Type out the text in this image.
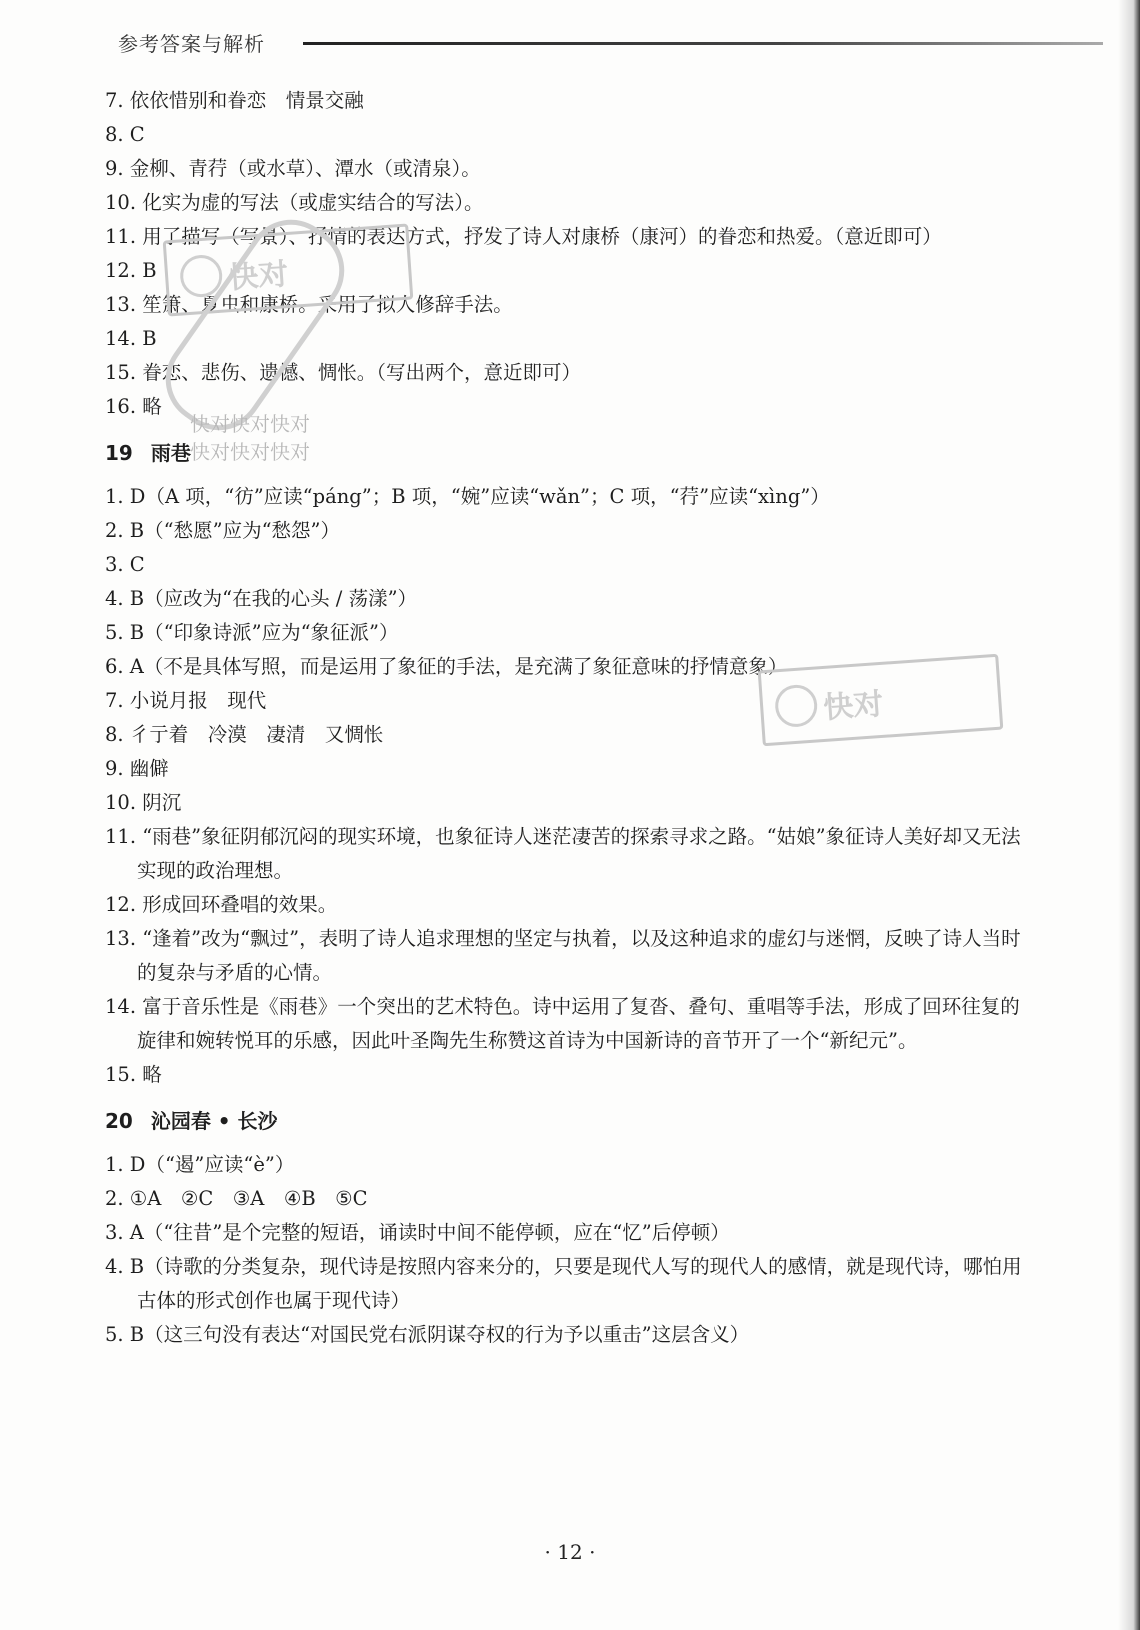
参考答案与解析
7. 依依惜别和眷恋　情景交融
8. C
9. 金柳、青荇（或水草）、潭水（或清泉）。
10. 化实为虚的写法（或虚实结合的写法）。
11. 用了描写（写景）、抒情的表达方式，抒发了诗人对康桥（康河）的眷恋和热爱。（意近即可）
12. B
13. 笙箫、夏虫和康桥。采用了拟人修辞手法。
14. B
15. 眷恋、悲伤、遗憾、惆怅。（写出两个，意近即可）
16. 略
19 雨巷
1. D（A 项，“彷”应读“páng”；B 项，“婉”应读“wǎn”；C 项，“荇”应读“xìng”）
2. B（“愁愿”应为“愁怨”）
3. C
4. B（应改为“在我的心头 / 荡漾”）
5. B（“印象诗派”应为“象征派”）
6. A（不是具体写照，而是运用了象征的手法，是充满了象征意味的抒情意象）
7. 小说月报　现代
8. 彳亍着　冷漠　凄清　又惆怅
9. 幽僻
10. 阴沉
11. “雨巷”象征阴郁沉闷的现实环境，也象征诗人迷茫凄苦的探索寻求之路。“姑娘”象征诗人美好却又无法实现的政治理想。
12. 形成回环叠唱的效果。
13. “逢着”改为“飘过”，表明了诗人追求理想的坚定与执着，以及这种追求的虚幻与迷惘，反映了诗人当时的复杂与矛盾的心情。
14. 富于音乐性是《雨巷》一个突出的艺术特色。诗中运用了复沓、叠句、重唱等手法，形成了回环往复的旋律和婉转悦耳的乐感，因此叶圣陶先生称赞这首诗为中国新诗的音节开了一个“新纪元”。
15. 略
20 沁园春 • 长沙
1. D（“遏”应读“è”）
2. ①A　②C　③A　④B　⑤C
3. A（“往昔”是个完整的短语，诵读时中间不能停顿，应在“忆”后停顿）
4. B（诗歌的分类复杂，现代诗是按照内容来分的，只要是现代人写的现代人的感情，就是现代诗，哪怕用古体的形式创作也属于现代诗）
5. B（这三句没有表达“对国民党右派阴谋夺权的行为予以重击”这层含义）
快对
快对快对快对
快对快对快对
快对
· 12 ·
